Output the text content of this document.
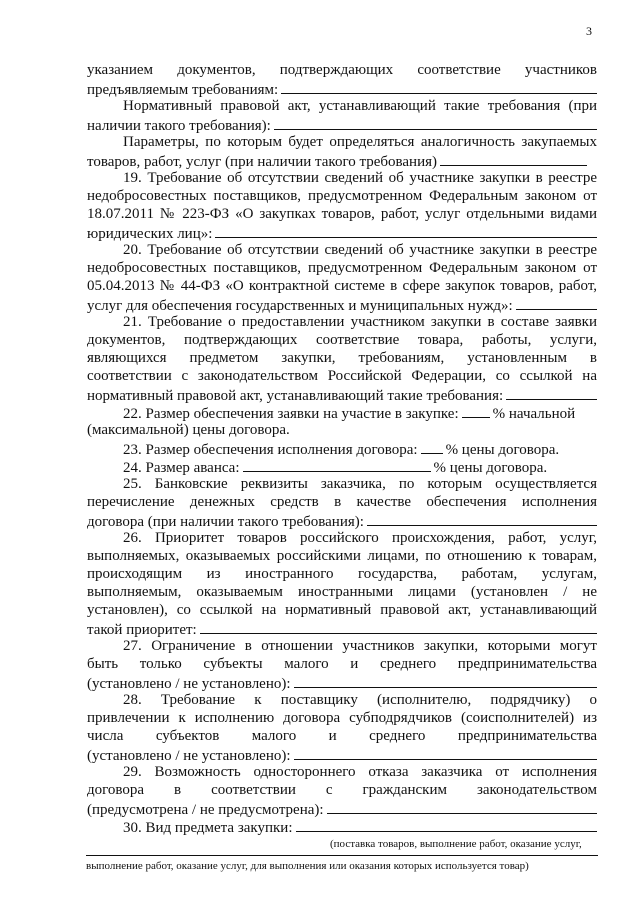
3
указанием документов, подтверждающих соответствие участников
предъявляемым требованиям:
Нормативный правовой акт, устанавливающий такие требования (при
наличии такого требования):
Параметры, по которым будет определяться аналогичность закупаемых
товаров, работ, услуг (при наличии такого требования)
19. Требование об отсутствии сведений об участнике закупки в реестре
недобросовестных поставщиков, предусмотренном Федеральным законом от
18.07.2011 № 223-ФЗ «О закупках товаров, работ, услуг отдельными видами
юридических лиц»:
20. Требование об отсутствии сведений об участнике закупки в реестре
недобросовестных поставщиков, предусмотренном Федеральным законом от
05.04.2013 № 44-ФЗ «О контрактной системе в сфере закупок товаров, работ,
услуг для обеспечения государственных и муниципальных нужд»:
21. Требование о предоставлении участником закупки в составе заявки
документов, подтверждающих соответствие товара, работы, услуги,
являющихся предметом закупки, требованиям, установленным в
соответствии с законодательством Российской Федерации, со ссылкой на
нормативный правовой акт, устанавливающий такие требования:
22. Размер обеспечения заявки на участие в закупке: % начальной
(максимальной) цены договора.
23. Размер обеспечения исполнения договора: % цены договора.
24. Размер аванса:	% цены договора.
25. Банковские реквизиты заказчика, по которым осуществляется
перечисление денежных средств в качестве обеспечения исполнения
договора (при наличии такого требования):
26. Приоритет товаров российского происхождения, работ, услуг,
выполняемых, оказываемых российскими лицами, по отношению к товарам,
происходящим из иностранного государства, работам, услугам,
выполняемым, оказываемым иностранными лицами (установлен / не
установлен), со ссылкой на нормативный правовой акт, устанавливающий
такой приоритет:
27. Ограничение в отношении участников закупки, которыми могут
быть только субъекты малого и среднего предпринимательства
(установлено / не установлено):
28. Требование к поставщику (исполнителю, подрядчику) о
привлечении к исполнению договора субподрядчиков (соисполнителей) из
числа субъектов малого и среднего предпринимательства
(установлено / не установлено):
29. Возможность одностороннего отказа заказчика от исполнения
договора в соответствии с гражданским законодательством
(предусмотрена / не предусмотрена):
30. Вид предмета закупки:
(поставка товаров, выполнение работ, оказание услуг,
выполнение работ, оказание услуг, для выполнения или оказания которых используется товар)
